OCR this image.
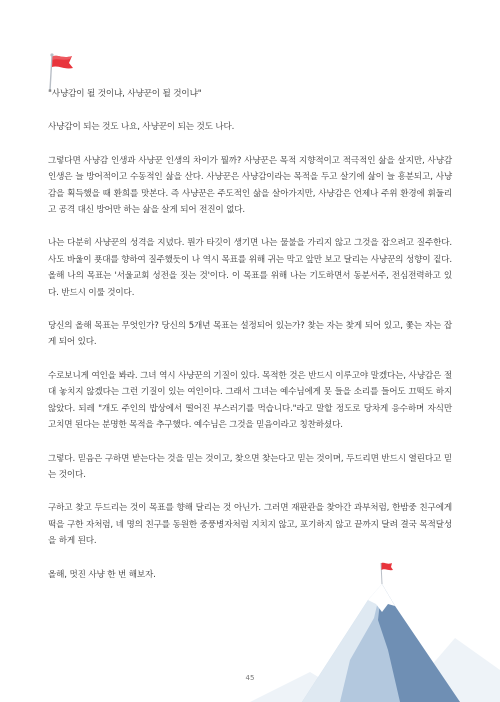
"사냥감이 될 것이냐, 사냥꾼이 될 것이냐"

사냥감이 되는 것도 나요, 사냥꾼이 되는 것도 나다.

그렇다면 사냥감 인생과 사냥꾼 인생의 차이가 뭘까? 사냥꾼은 목적 지향적이고 적극적인 삶을 살지만, 사냥감 인생은 늘 방어적이고 수동적인 삶을 산다. 사냥꾼은 사냥감이라는 목적을 두고 살기에 삶이 늘 흥분되고, 사냥감을 획득했을 때 환희를 맛본다. 즉 사냥꾼은 주도적인 삶을 살아가지만, 사냥감은 언제나 주위 환경에 휘둘리고 공격 대신 방어만 하는 삶을 살게 되어 전진이 없다.

나는 다분히 사냥꾼의 성격을 지녔다. 뭔가 타깃이 생기면 나는 물불을 가리지 않고 그것을 잡으려고 질주한다. 사도 바울이 푯대를 향하여 질주했듯이 나 역시 목표를 위해 귀는 막고 앞만 보고 달리는 사냥꾼의 성향이 짙다. 올해 나의 목표는 '서울교회 성전을 짓는 것'이다. 이 목표를 위해 나는 기도하면서 동분서주, 전심전력하고 있다. 반드시 이룰 것이다.

당신의 올해 목표는 무엇인가? 당신의 5개년 목표는 설정되어 있는가? 찾는 자는 찾게 되어 있고, 쫓는 자는 잡게 되어 있다.

수로보니게 여인을 봐라. 그녀 역시 사냥꾼의 기질이 있다. 목적한 것은 반드시 이루고야 말겠다는, 사냥감은 절대 놓치지 않겠다는 그런 기질이 있는 여인이다. 그래서 그녀는 예수님에게 못 들을 소리를 들어도 끄떡도 하지 않았다. 되레 "개도 주인의 밥상에서 떨어진 부스러기를 먹습니다."라고 말할 정도로 당차게 응수하며 자식만 고치면 된다는 분명한 목적을 추구했다. 예수님은 그것을 믿음이라고 칭찬하셨다.

그렇다. 믿음은 구하면 받는다는 것을 믿는 것이고, 찾으면 찾는다고 믿는 것이며, 두드리면 반드시 열린다고 믿는 것이다.

구하고 찾고 두드리는 것이 목표를 향해 달리는 것 아닌가. 그러면 재판관을 찾아간 과부처럼, 한밤중 친구에게 떡을 구한 자처럼, 네 명의 친구를 동원한 중풍병자처럼 지치지 않고, 포기하지 않고 끝까지 달려 결국 목적달성을 하게 된다.

올해, 멋진 사냥 한 번 해보자.

45
